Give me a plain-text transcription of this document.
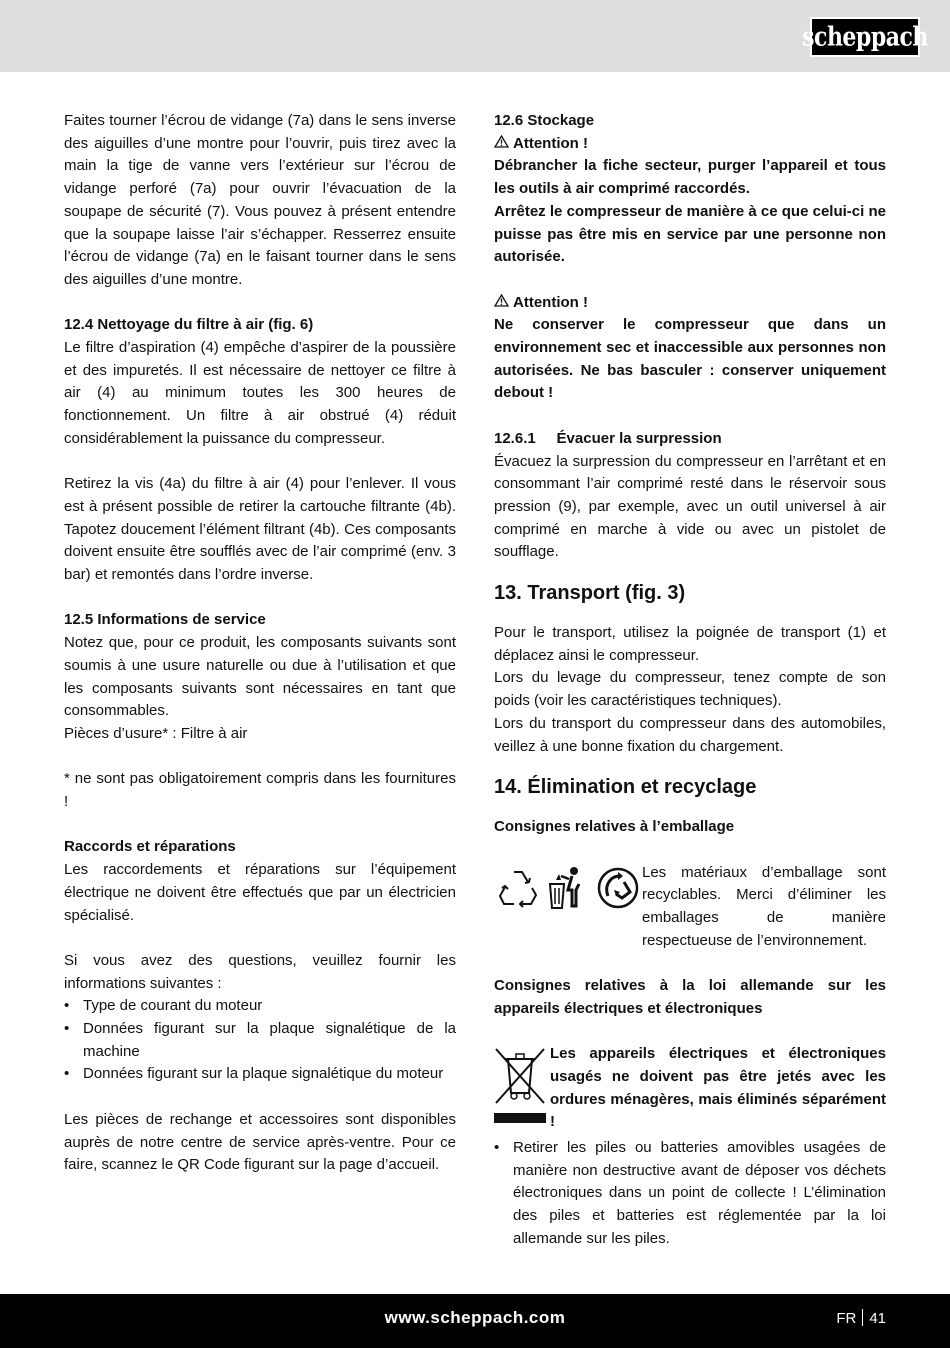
scheppach

Faites tourner l’écrou de vidange (7a) dans le sens inverse des aiguilles d’une montre pour l’ouvrir, puis tirez avec la main la tige de vanne vers l’extérieur sur l’écrou de vidange perforé (7a) pour ouvrir l’évacuation de la soupape de sécurité (7). Vous pouvez à présent entendre que la soupape laisse l’air s’échapper. Resserrez ensuite l’écrou de vidange (7a) en le faisant tourner dans le sens des aiguilles d’une montre.

12.4 Nettoyage du filtre à air (fig. 6)

Le filtre d’aspiration (4) empêche d’aspirer de la poussière et des impuretés. Il est nécessaire de nettoyer ce filtre à air (4) au minimum toutes les 300 heures de fonctionnement. Un filtre à air obstrué (4) réduit considérablement la puissance du compresseur.

Retirez la vis (4a) du filtre à air (4) pour l’enlever. Il vous est à présent possible de retirer la cartouche filtrante (4b). Tapotez doucement l’élément filtrant (4b). Ces composants doivent ensuite être soufflés avec de l’air comprimé (env. 3 bar) et remontés dans l’ordre inverse.

12.5 Informations de service

Notez que, pour ce produit, les composants suivants sont soumis à une usure naturelle ou due à l’utilisation et que les composants suivants sont nécessaires en tant que consommables.

Pièces d’usure* : Filtre à air

* ne sont pas obligatoirement compris dans les fournitures !

Raccords et réparations

Les raccordements et réparations sur l’équipement électrique ne doivent être effectués que par un électricien spécialisé.

Si vous avez des questions, veuillez fournir les informations suivantes :

• Type de courant du moteur
• Données figurant sur la plaque signalétique de la machine
• Données figurant sur la plaque signalétique du moteur

Les pièces de rechange et accessoires sont disponibles auprès de notre centre de service après-ventre. Pour ce faire, scannez le QR Code figurant sur la page d’accueil.

12.6 Stockage

Attention !

Débrancher la fiche secteur, purger l’appareil et tous les outils à air comprimé raccordés.

Arrêtez le compresseur de manière à ce que celui-ci ne puisse pas être mis en service par une personne non autorisée.

Attention !

Ne conserver le compresseur que dans un environnement sec et inaccessible aux personnes non autorisées. Ne bas basculer : conserver uniquement debout !

12.6.1     Évacuer la surpression

Évacuez la surpression du compresseur en l’arrêtant et en consommant l’air comprimé resté dans le réservoir sous pression (9), par exemple, avec un outil universel à air comprimé en marche à vide ou avec un pistolet de soufflage.

13. Transport (fig. 3)

Pour le transport, utilisez la poignée de transport (1) et déplacez ainsi le compresseur.

Lors du levage du compresseur, tenez compte de son poids (voir les caractéristiques techniques).

Lors du transport du compresseur dans des automobiles, veillez à une bonne fixation du chargement.

14. Élimination et recyclage

Consignes relatives à l’emballage

Les matériaux d’emballage sont recyclables. Merci d’éliminer les emballages de manière respectueuse de l’environnement.

Consignes relatives à la loi allemande sur les appareils électriques et électroniques

Les appareils électriques et électroniques usagés ne doivent pas être jetés avec les ordures ménagères, mais éliminés séparément !

• Retirer les piles ou batteries amovibles usagées de manière non destructive avant de déposer vos déchets électroniques dans un point de collecte ! L’élimination des piles et batteries est réglementée par la loi allemande sur les piles.
www.scheppach.com	FR 41
